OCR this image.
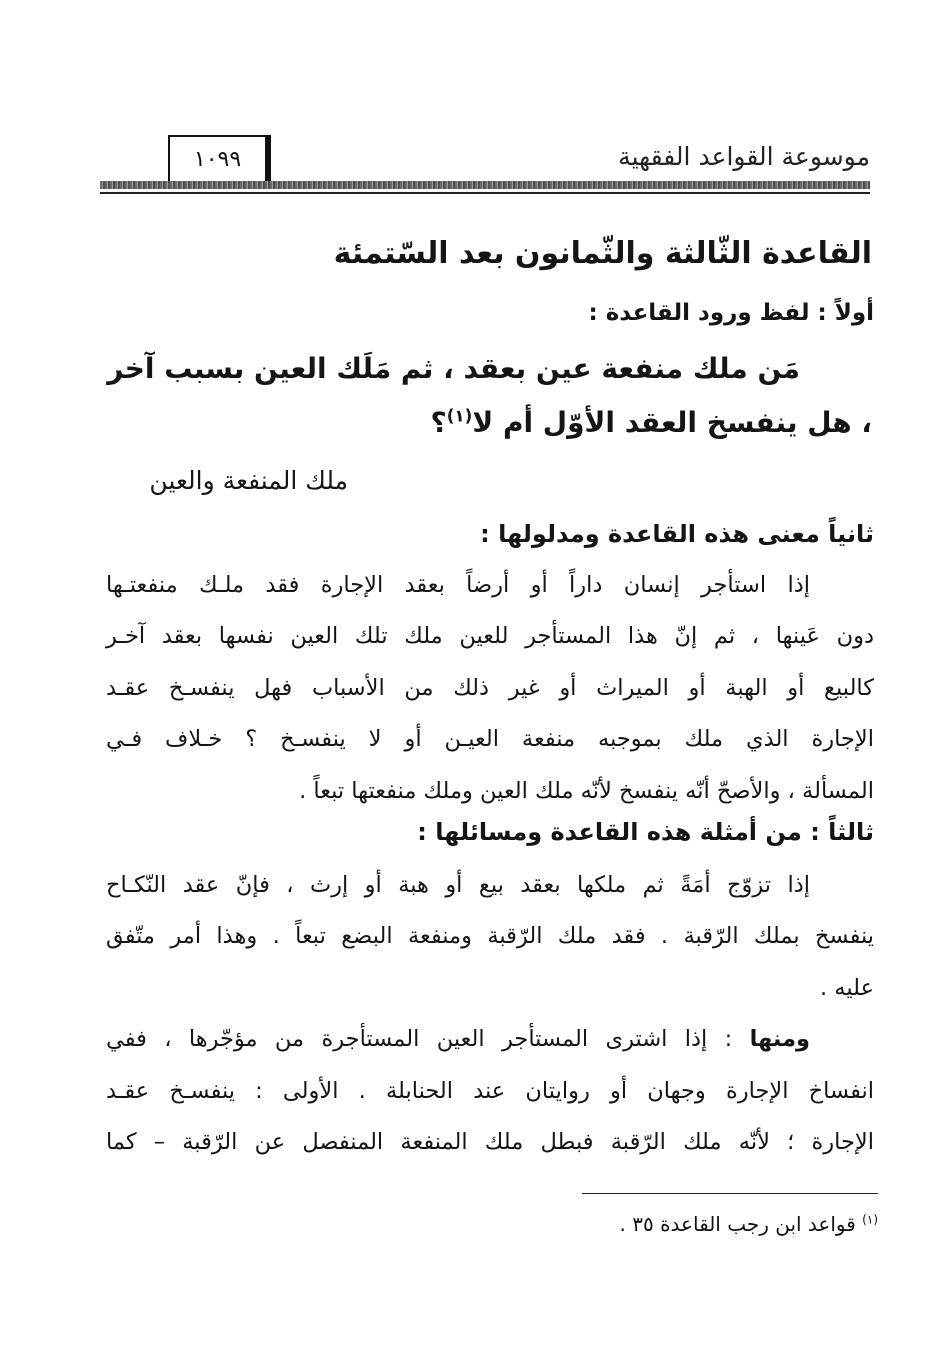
موسوعة القواعد الفقهية
١٠٩٩
القاعدة الثّالثة والثّمانون بعد السّتمئة
أولاً : لفظ ورود القاعدة :
مَن ملك منفعة عين بعقد ، ثم مَلَك العين بسبب آخر
، هل ينفسخ العقد الأوّل أم لا$^{(١)}$؟
ملك المنفعة والعين
ثانياً معنى هذه القاعدة ومدلولها :
إذا استأجر إنسان داراً أو أرضاً بعقد الإجارة فقد ملـك منفعتـها
دون عَينها ، ثم إنّ هذا المستأجر للعين ملك تلك العين نفسها بعقد آخـر
كالبيع أو الهبة أو الميراث أو غير ذلك من الأسباب فهل ينفسـخ عقـد
الإجارة الذي ملك بموجبه منفعة العيـن أو لا ينفسـخ ؟ خـلاف فـي
المسألة ، والأصحّ أنّه ينفسخ لأنّه ملك العين وملك منفعتها تبعاً .
ثالثاً : من أمثلة هذه القاعدة ومسائلها :
إذا تزوّج أمَةً ثم ملكها بعقد بيع أو هبة أو إرث ، فإنّ عقد النّكـاح
ينفسخ بملك الرّقبة . فقد ملك الرّقبة ومنفعة البضع تبعاً . وهذا أمر متّفق
عليه .
ومنها : إذا اشترى المستأجر العين المستأجرة من مؤجّرها ، ففي
انفساخ الإجارة وجهان أو روايتان عند الحنابلة . الأولى : ينفسـخ عقـد
الإجارة ؛ لأنّه ملك الرّقبة فبطل ملك المنفعة المنفصل عن الرّقبة – كما
$^{(١)}$ قواعد ابن رجب القاعدة ٣٥ .
